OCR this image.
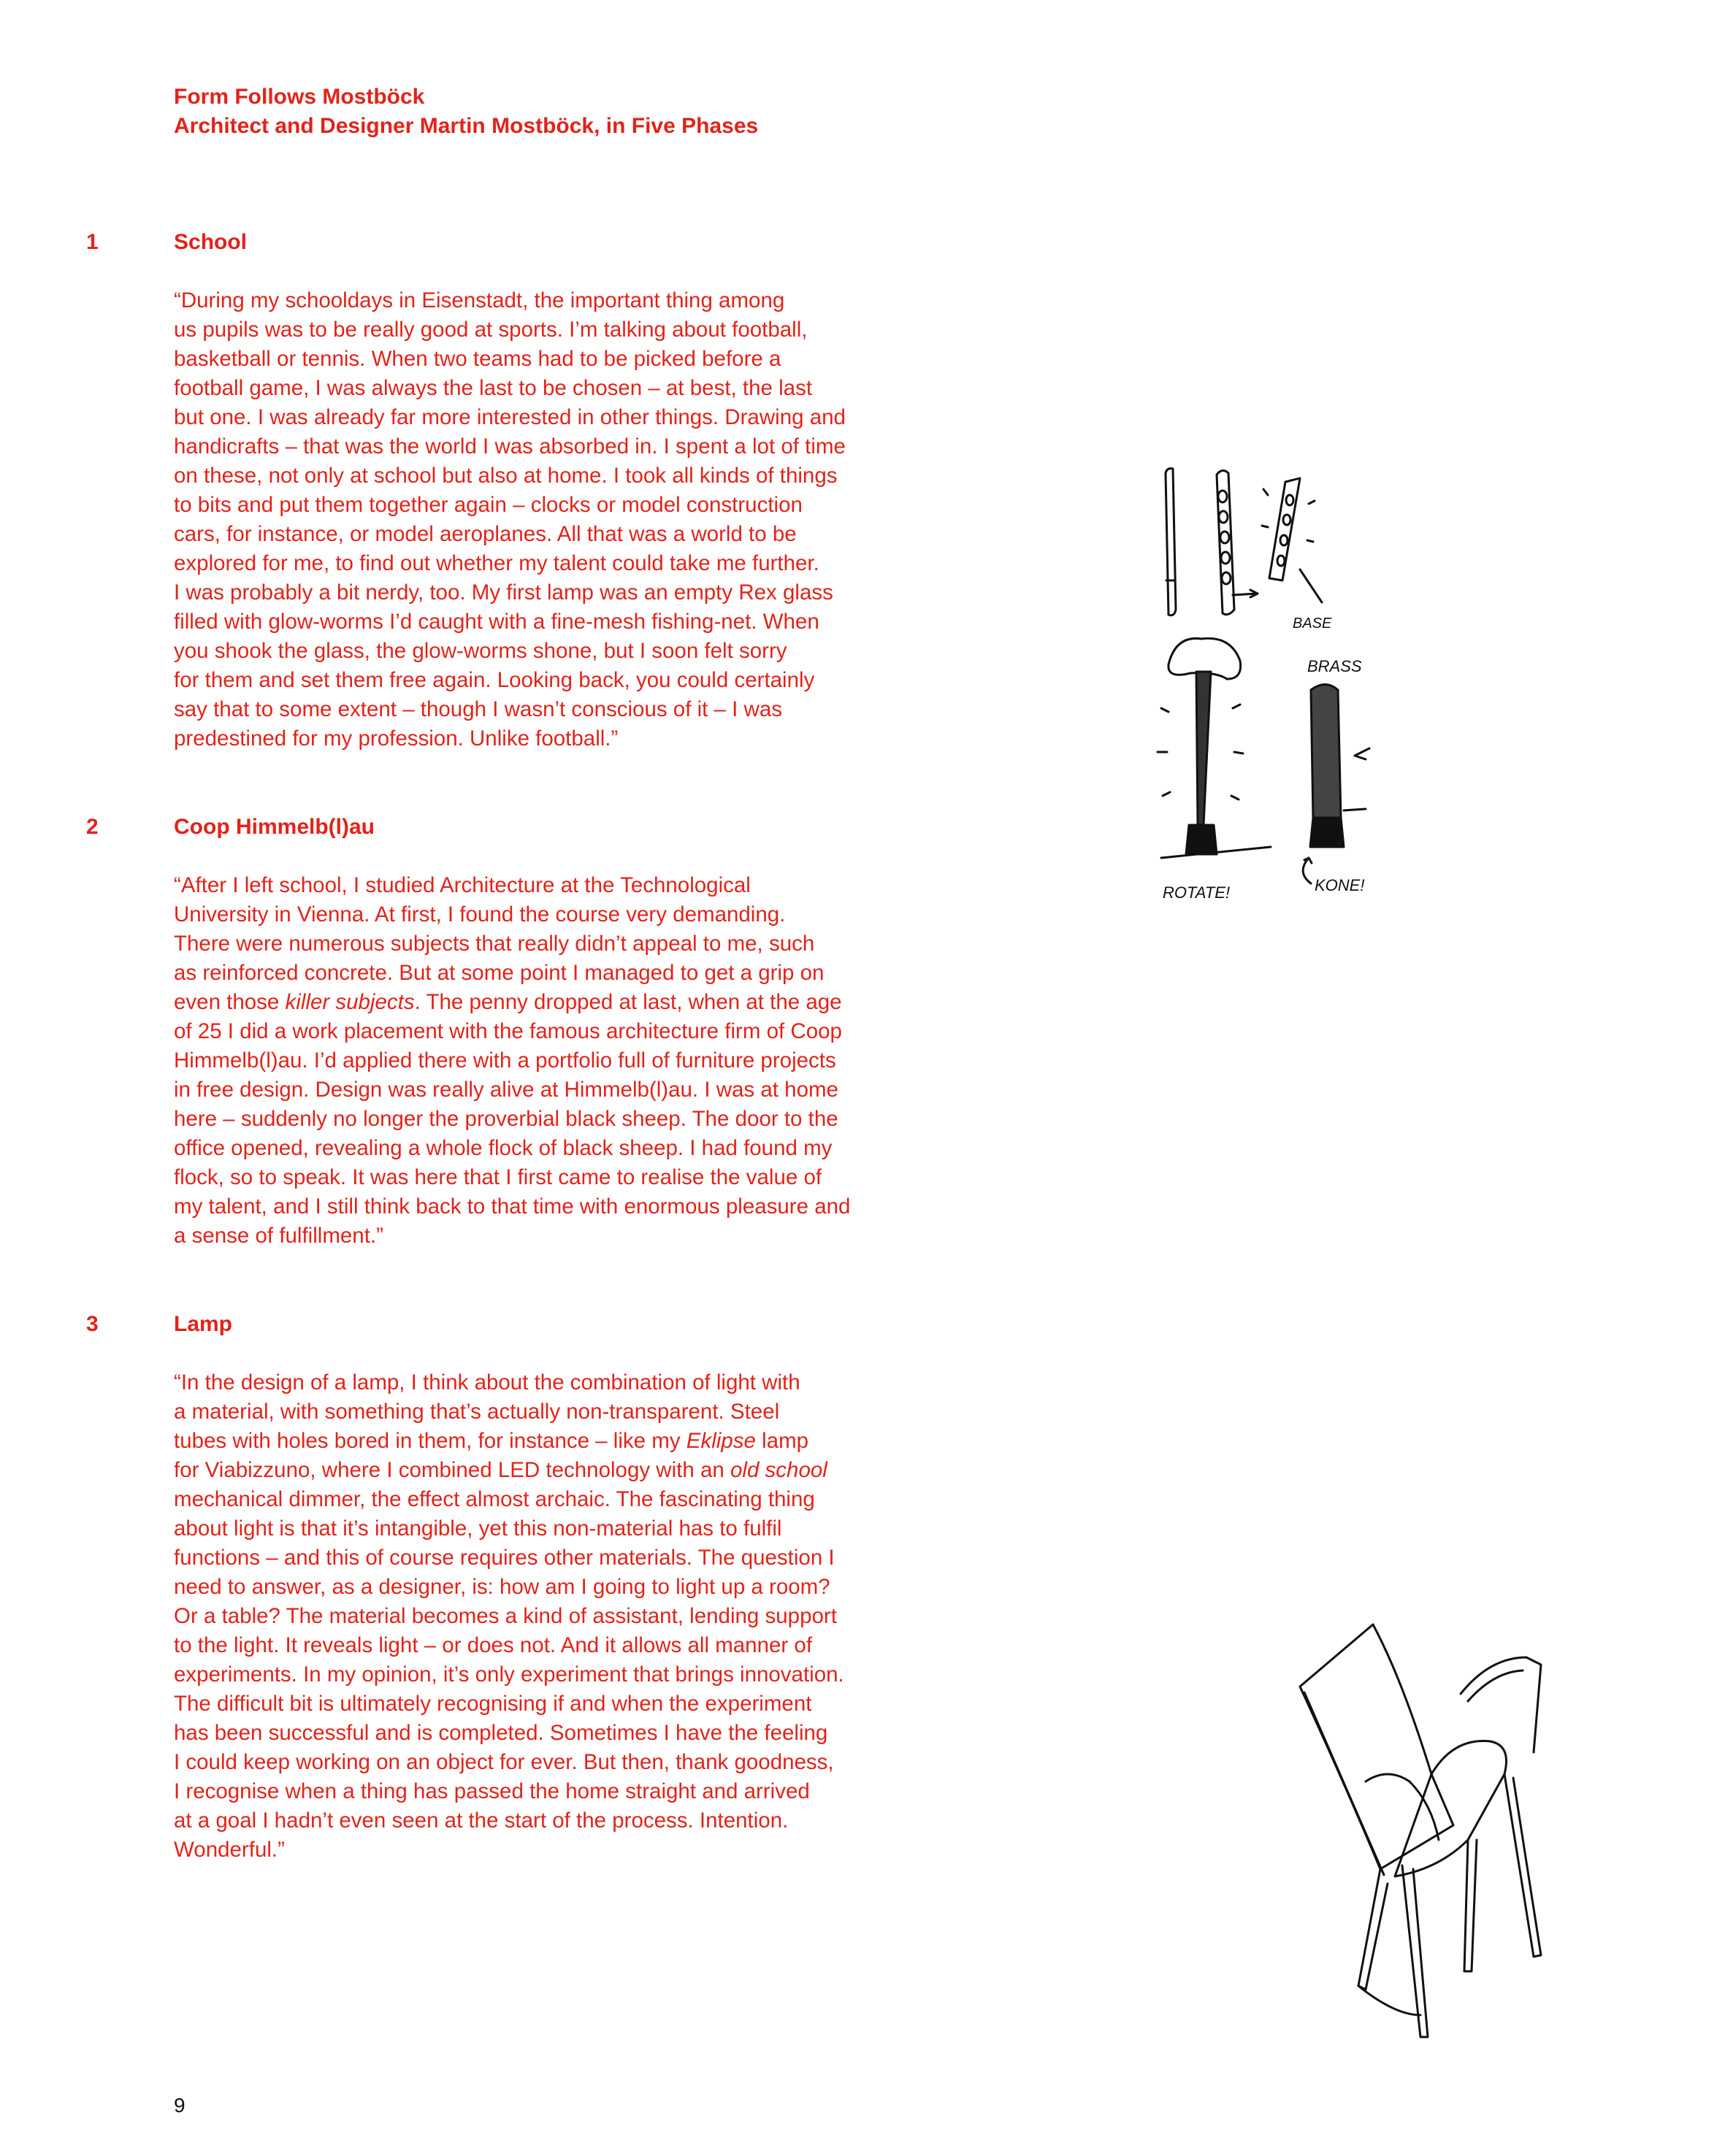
Form Follows Mostböck
Architect and Designer Martin Mostböck, in Five Phases
1	School
“During my schooldays in Eisenstadt, the important thing among
us pupils was to be really good at sports. I’m talking about football,
basketball or tennis. When two teams had to be picked before a
football game, I was always the last to be chosen – at best, the last
but one. I was already far more interested in other things. Drawing and
handicrafts – that was the world I was absorbed in. I spent a lot of time
on these, not only at school but also at home. I took all kinds of things
to bits and put them together again – clocks or model construction
cars, for instance, or model aeroplanes. All that was a world to be
explored for me, to find out whether my talent could take me further.
I was probably a bit nerdy, too. My first lamp was an empty Rex glass
filled with glow-worms I’d caught with a fine-mesh fishing-net. When
you shook the glass, the glow-worms shone, but I soon felt sorry
for them and set them free again. Looking back, you could certainly
say that to some extent – though I wasn’t conscious of it – I was
predestined for my profession. Unlike football.”
2	Coop Himmelb(l)au
“After I left school, I studied Architecture at the Technological
University in Vienna. At first, I found the course very demanding.
There were numerous subjects that really didn’t appeal to me, such
as reinforced concrete. But at some point I managed to get a grip on
even those killer subjects. The penny dropped at last, when at the age
of 25 I did a work placement with the famous architecture firm of Coop
Himmelb(l)au. I’d applied there with a portfolio full of furniture projects
in free design. Design was really alive at Himmelb(l)au. I was at home
here – suddenly no longer the proverbial black sheep. The door to the
office opened, revealing a whole flock of black sheep. I had found my
flock, so to speak. It was here that I first came to realise the value of
my talent, and I still think back to that time with enormous pleasure and
a sense of fulfillment.”
3	Lamp
“In the design of a lamp, I think about the combination of light with
a material, with something that’s actually non-transparent. Steel
tubes with holes bored in them, for instance – like my Eklipse lamp
for Viabizzuno, where I combined LED technology with an old school
mechanical dimmer, the effect almost archaic. The fascinating thing
about light is that it’s intangible, yet this non-material has to fulfil
functions – and this of course requires other materials. The question I
need to answer, as a designer, is: how am I going to light up a room?
Or a table? The material becomes a kind of assistant, lending support
to the light. It reveals light – or does not. And it allows all manner of
experiments. In my opinion, it’s only experiment that brings innovation.
The difficult bit is ultimately recognising if and when the experiment
has been successful and is completed. Sometimes I have the feeling
I could keep working on an object for ever. But then, thank goodness,
I recognise when a thing has passed the home straight and arrived
at a goal I hadn’t even seen at the start of the process. Intention.
Wonderful.”
BASE
ROTATE!
BRASS
KONE!
9
